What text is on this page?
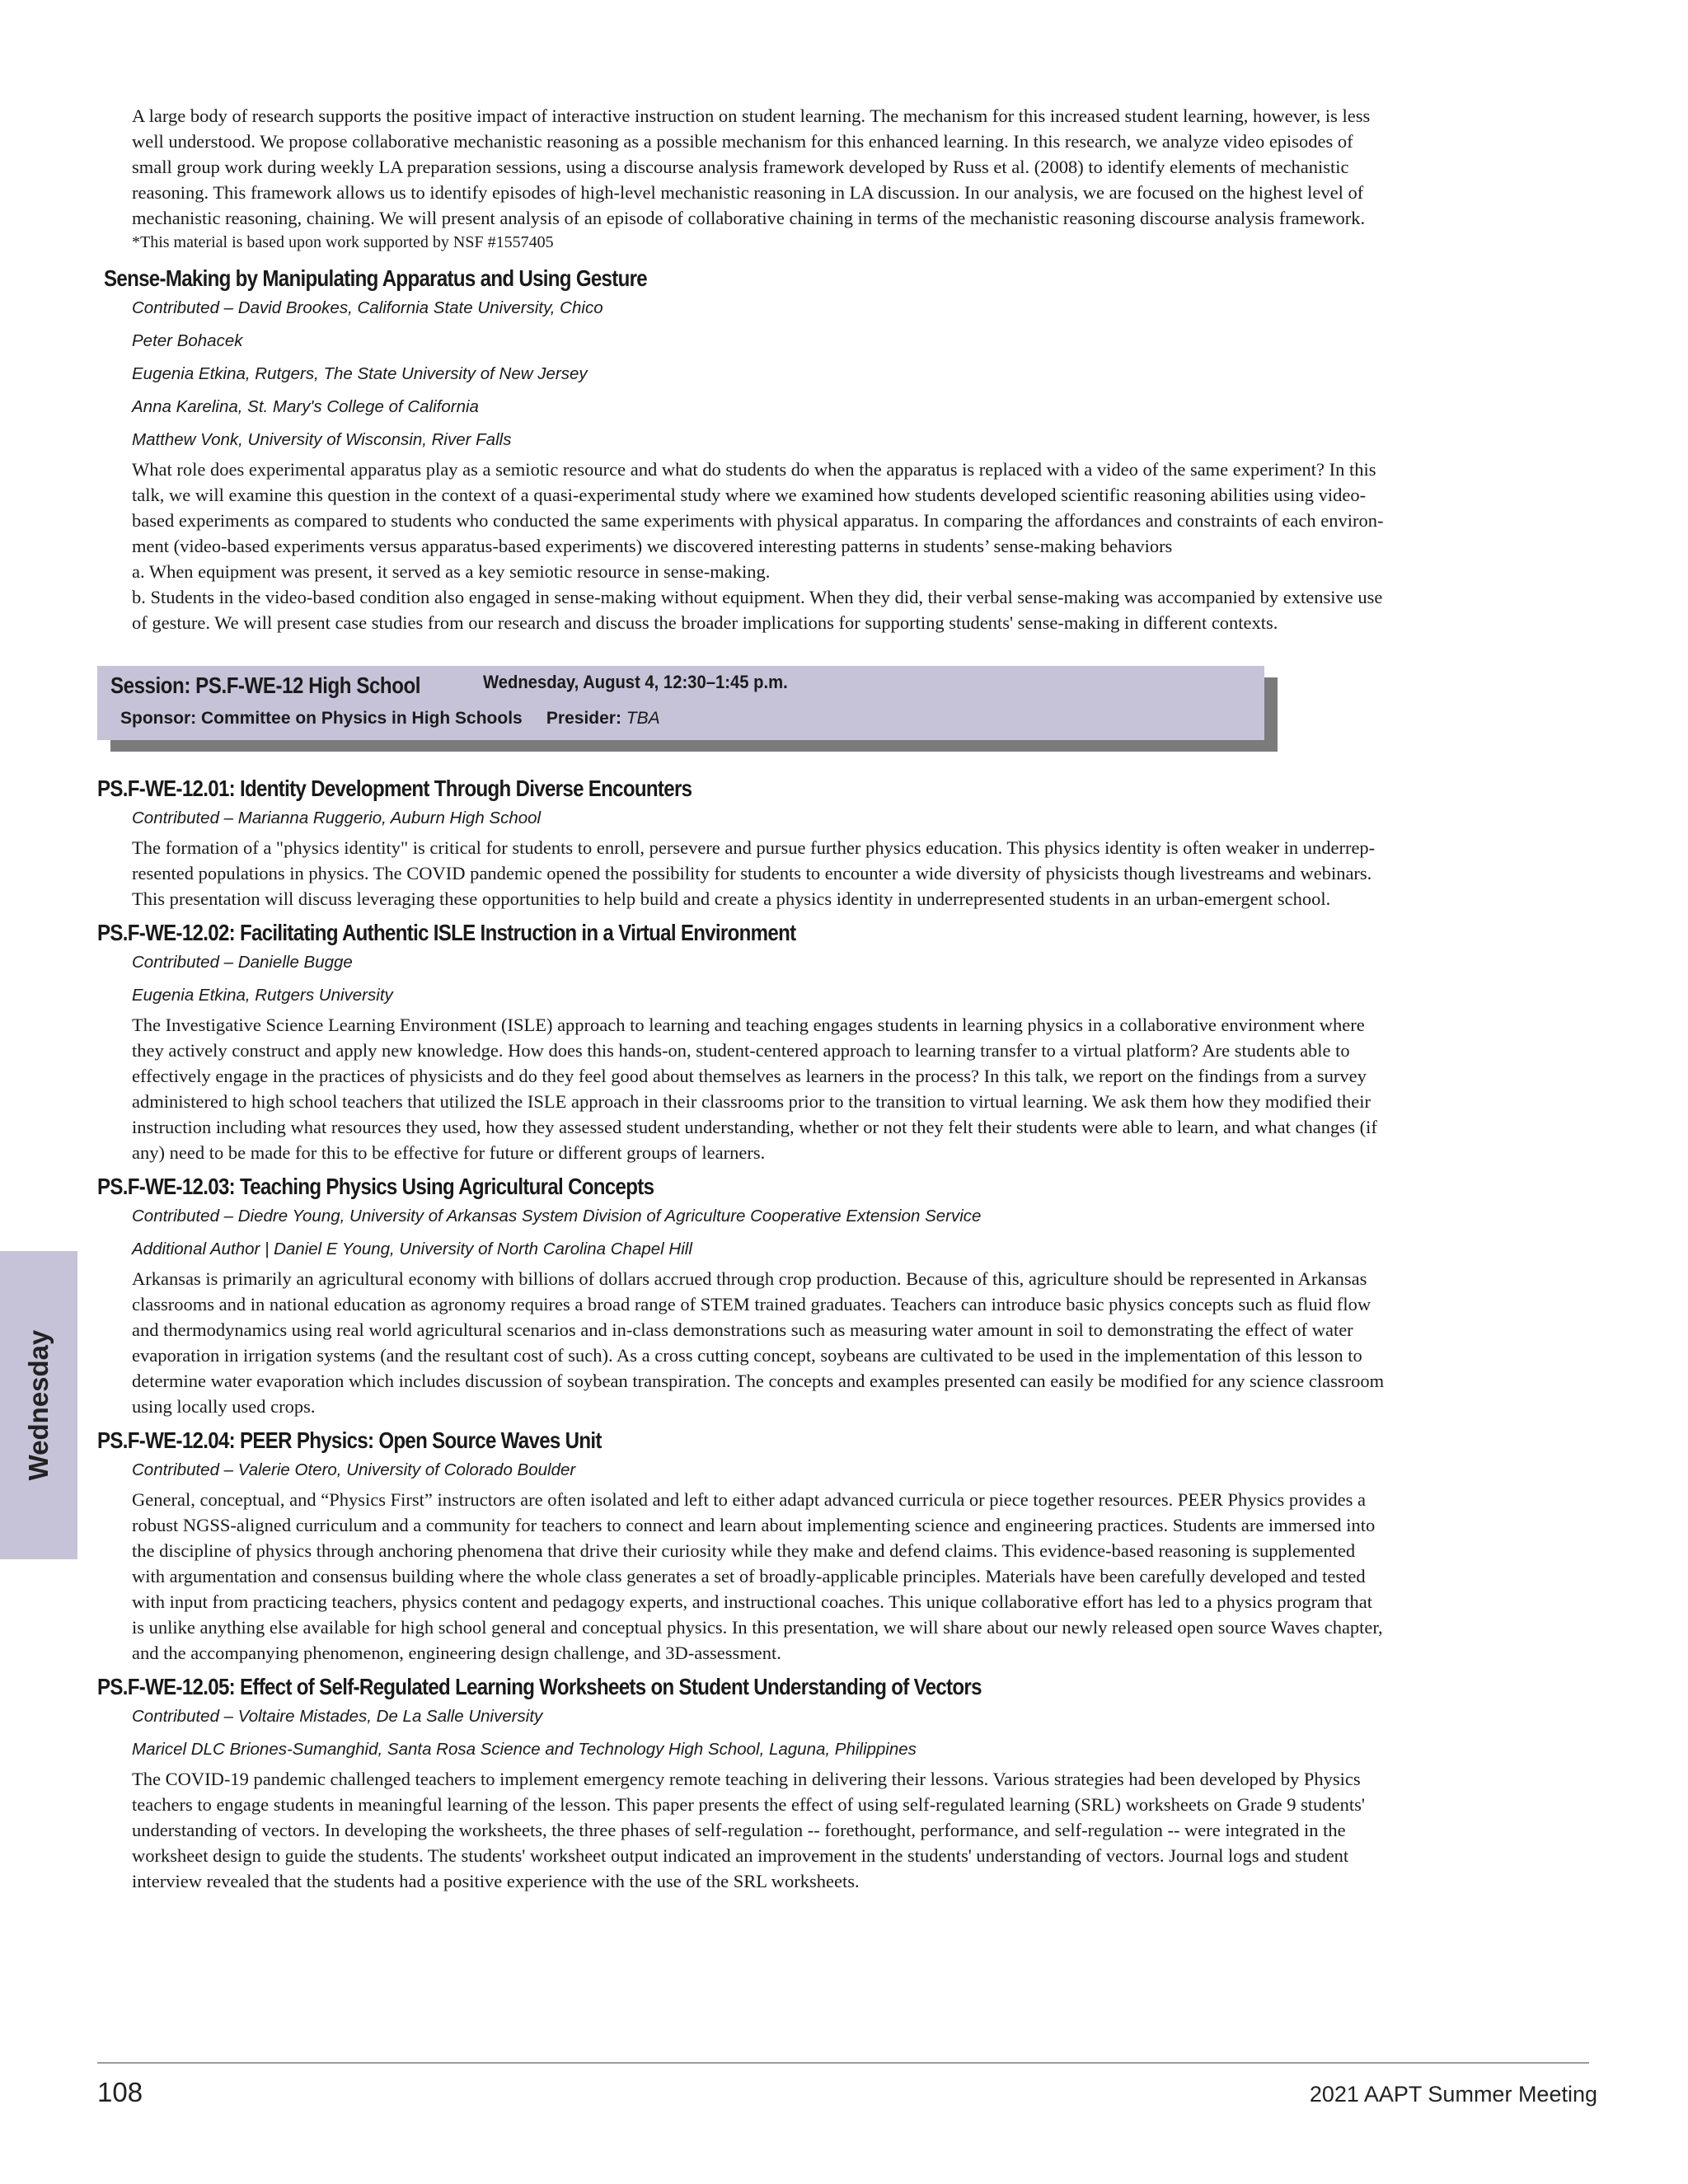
A large body of research supports the positive impact of interactive instruction on student learning. The mechanism for this increased student learning, however, is less
well understood. We propose collaborative mechanistic reasoning as a possible mechanism for this enhanced learning. In this research, we analyze video episodes of
small group work during weekly LA preparation sessions, using a discourse analysis framework developed by Russ et al. (2008) to identify elements of mechanistic
reasoning. This framework allows us to identify episodes of high-level mechanistic reasoning in LA discussion. In our analysis, we are focused on the highest level of
mechanistic reasoning, chaining. We will present analysis of an episode of collaborative chaining in terms of the mechanistic reasoning discourse analysis framework.
*This material is based upon work supported by NSF #1557405
Sense-Making by Manipulating Apparatus and Using Gesture
Contributed – David Brookes, California State University, Chico
Peter Bohacek
Eugenia Etkina, Rutgers, The State University of New Jersey
Anna Karelina, St. Mary's College of California
Matthew Vonk, University of Wisconsin, River Falls
What role does experimental apparatus play as a semiotic resource and what do students do when the apparatus is replaced with a video of the same experiment? In this
talk, we will examine this question in the context of a quasi-experimental study where we examined how students developed scientific reasoning abilities using video-
based experiments as compared to students who conducted the same experiments with physical apparatus. In comparing the affordances and constraints of each environ-
ment (video-based experiments versus apparatus-based experiments) we discovered interesting patterns in students’ sense-making behaviors
a. When equipment was present, it served as a key semiotic resource in sense-making.
b. Students in the video-based condition also engaged in sense-making without equipment. When they did, their verbal sense-making was accompanied by extensive use
of gesture. We will present case studies from our research and discuss the broader implications for supporting students' sense-making in different contexts.
PS.F-WE-12.01: Identity Development Through Diverse Encounters
Contributed – Marianna Ruggerio, Auburn High School
The formation of a "physics identity" is critical for students to enroll, persevere and pursue further physics education. This physics identity is often weaker in underrep-
resented populations in physics. The COVID pandemic opened the possibility for students to encounter a wide diversity of physicists though livestreams and webinars.
This presentation will discuss leveraging these opportunities to help build and create a physics identity in underrepresented students in an urban-emergent school.
PS.F-WE-12.02: Facilitating Authentic ISLE Instruction in a Virtual Environment
Contributed – Danielle Bugge
Eugenia Etkina, Rutgers University
The Investigative Science Learning Environment (ISLE) approach to learning and teaching engages students in learning physics in a collaborative environment where
they actively construct and apply new knowledge. How does this hands-on, student-centered approach to learning transfer to a virtual platform? Are students able to
effectively engage in the practices of physicists and do they feel good about themselves as learners in the process? In this talk, we report on the findings from a survey
administered to high school teachers that utilized the ISLE approach in their classrooms prior to the transition to virtual learning. We ask them how they modified their
instruction including what resources they used, how they assessed student understanding, whether or not they felt their students were able to learn, and what changes (if
any) need to be made for this to be effective for future or different groups of learners.
PS.F-WE-12.03: Teaching Physics Using Agricultural Concepts
Contributed – Diedre Young, University of Arkansas System Division of Agriculture Cooperative Extension Service
Additional Author | Daniel E Young, University of North Carolina Chapel Hill
Arkansas is primarily an agricultural economy with billions of dollars accrued through crop production. Because of this, agriculture should be represented in Arkansas
classrooms and in national education as agronomy requires a broad range of STEM trained graduates. Teachers can introduce basic physics concepts such as fluid flow
and thermodynamics using real world agricultural scenarios and in-class demonstrations such as measuring water amount in soil to demonstrating the effect of water
evaporation in irrigation systems (and the resultant cost of such). As a cross cutting concept, soybeans are cultivated to be used in the implementation of this lesson to
determine water evaporation which includes discussion of soybean transpiration. The concepts and examples presented can easily be modified for any science classroom
using locally used crops.
PS.F-WE-12.04: PEER Physics: Open Source Waves Unit
Contributed – Valerie Otero, University of Colorado Boulder
General, conceptual, and “Physics First” instructors are often isolated and left to either adapt advanced curricula or piece together resources. PEER Physics provides a
robust NGSS-aligned curriculum and a community for teachers to connect and learn about implementing science and engineering practices. Students are immersed into
the discipline of physics through anchoring phenomena that drive their curiosity while they make and defend claims. This evidence-based reasoning is supplemented
with argumentation and consensus building where the whole class generates a set of broadly-applicable principles. Materials have been carefully developed and tested
with input from practicing teachers, physics content and pedagogy experts, and instructional coaches. This unique collaborative effort has led to a physics program that
is unlike anything else available for high school general and conceptual physics. In this presentation, we will share about our newly released open source Waves chapter,
and the accompanying phenomenon, engineering design challenge, and 3D-assessment.
PS.F-WE-12.05: Effect of Self-Regulated Learning Worksheets on Student Understanding of Vectors
Contributed – Voltaire Mistades, De La Salle University
Maricel DLC Briones-Sumanghid, Santa Rosa Science and Technology High School, Laguna, Philippines
The COVID-19 pandemic challenged teachers to implement emergency remote teaching in delivering their lessons. Various strategies had been developed by Physics
teachers to engage students in meaningful learning of the lesson. This paper presents the effect of using self-regulated learning (SRL) worksheets on Grade 9 students'
understanding of vectors. In developing the worksheets, the three phases of self-regulation -- forethought, performance, and self-regulation -- were integrated in the
worksheet design to guide the students. The students' worksheet output indicated an improvement in the students' understanding of vectors. Journal logs and student
interview revealed that the students had a positive experience with the use of the SRL worksheets.
Session: PS.F-WE-12 High School	Wednesday, August 4, 12:30–1:45 p.m.
Sponsor: Committee on Physics in High Schools Presider: TBA
Wednesday
108	2021 AAPT Summer Meeting
